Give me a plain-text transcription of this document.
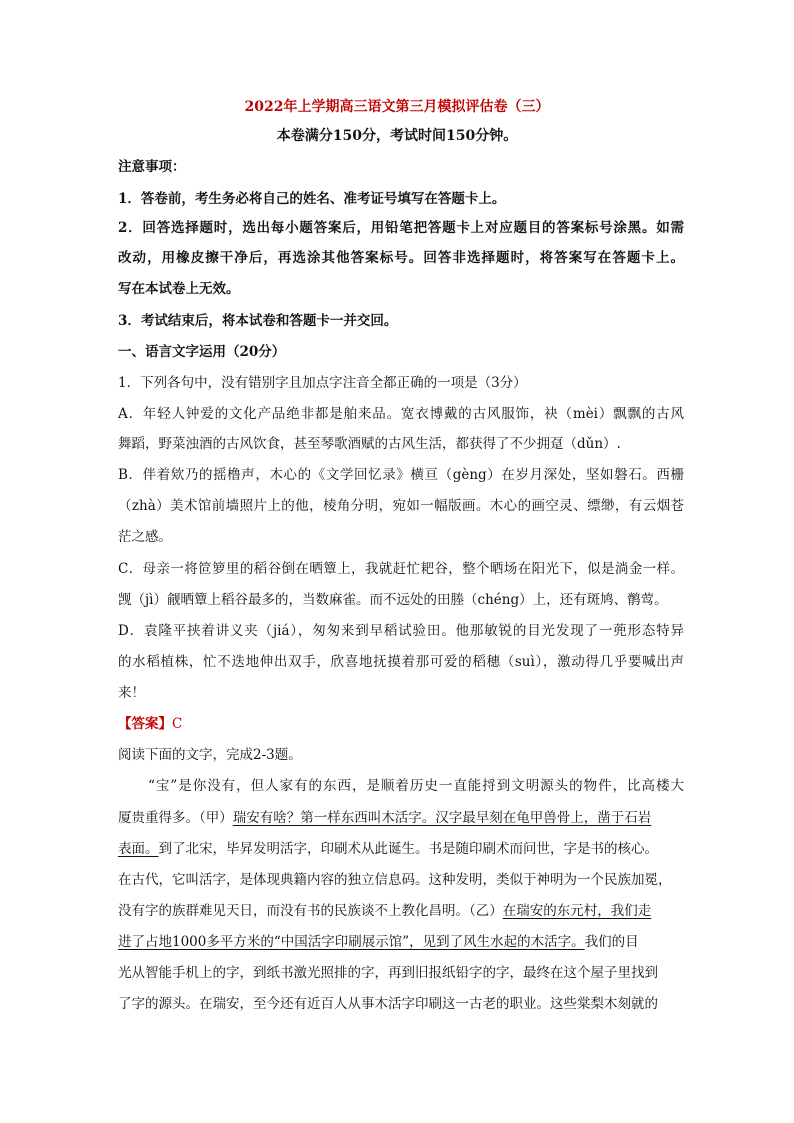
2022年上学期高三语文第三月模拟评估卷（三）
本卷满分150分，考试时间150分钟。
注意事项：
1．答卷前，考生务必将自己的姓名、准考证号填写在答题卡上。
2．回答选择题时，选出每小题答案后，用铅笔把答题卡上对应题目的答案标号涂黑。如需
改动，用橡皮擦干净后，再选涂其他答案标号。回答非选择题时，将答案写在答题卡上。
写在本试卷上无效。
3．考试结束后，将本试卷和答题卡一并交回。
一、语言文字运用（20分）
1．下列各句中，没有错别字且加点字注音全都正确的一项是（3分）
A．年轻人钟爱的文化产品绝非都是舶来品。宽衣博戴的古风服饰，袂（mèi）飘飘的古风
舞蹈，野菜浊酒的古风饮食，甚至琴歌酒赋的古风生活，都获得了不少拥趸（dǔn）.
B．伴着欸乃的摇橹声，木心的《文学回忆录》横亘（gèng）在岁月深处，坚如磐石。西栅
（zhà）美术馆前墙照片上的他，棱角分明，宛如一幅版画。木心的画空灵、缥缈，有云烟苍
茫之感。
C．母亲一将笸箩里的稻谷倒在晒簟上，我就赶忙耙谷，整个晒场在阳光下，似是淌金一样。
觊（jì）觎晒簟上稻谷最多的，当数麻雀。而不远处的田塍（chéng）上，还有斑鸠、鹡莺。
D．袁隆平挟着讲义夹（jiá），匆匆来到早稻试验田。他那敏锐的目光发现了一蔸形态特异
的水稻植株，忙不迭地伸出双手，欣喜地抚摸着那可爱的稻穗（suì），激动得几乎要喊出声
来！
【答案】C
阅读下面的文字，完成2-3题。
“宝”是你没有，但人家有的东西，是顺着历史一直能捋到文明源头的物件，比高楼大
厦贵重得多。（甲）瑞安有啥？第一样东西叫木活字。汉字最早刻在龟甲兽骨上，凿于石岩
表面。到了北宋，毕昇发明活字，印刷术从此诞生。书是随印刷术而问世，字是书的核心。
在古代，它叫活字，是体现典籍内容的独立信息码。这种发明，类似于神明为一个民族加冕，
没有字的族群难见天日，而没有书的民族谈不上教化昌明。（乙）在瑞安的东元村，我们走
进了占地1000多平方米的“中国活字印刷展示馆”，见到了风生水起的木活字。我们的目
光从智能手机上的字，到纸书激光照排的字，再到旧报纸铅字的字，最终在这个屋子里找到
了字的源头。在瑞安，至今还有近百人从事木活字印刷这一古老的职业。这些棠梨木刻就的
